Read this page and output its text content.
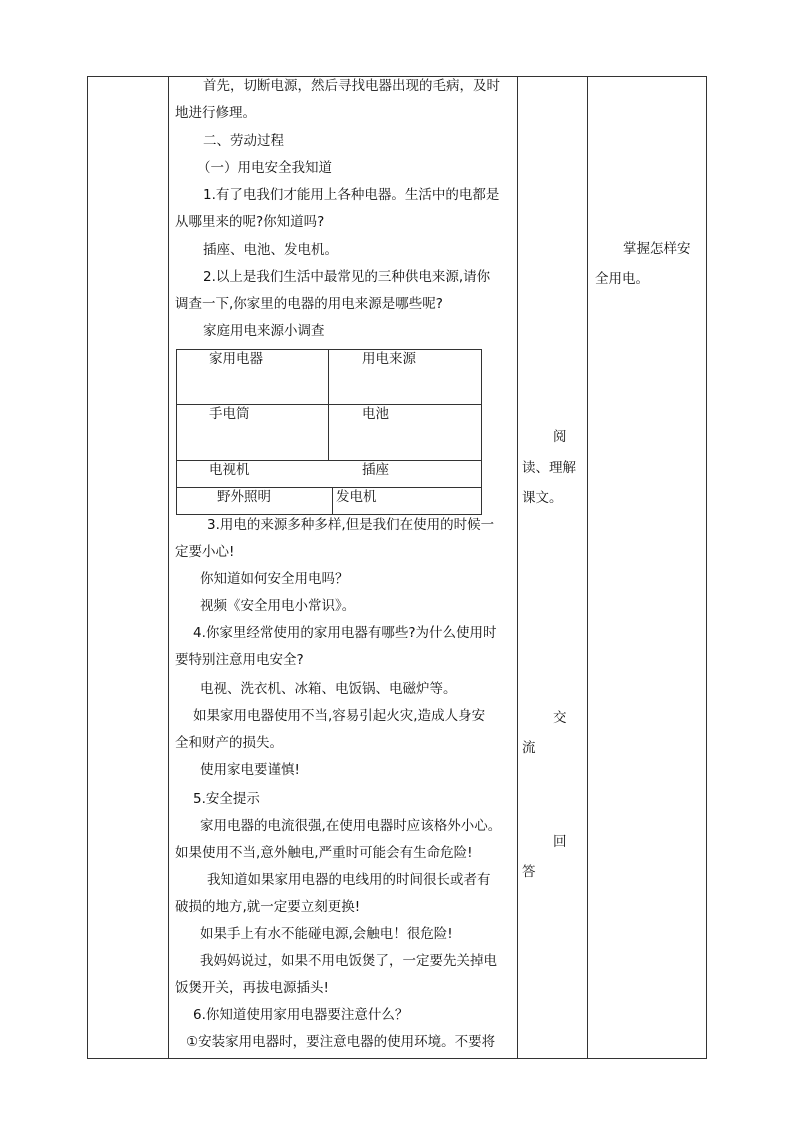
首先，切断电源，然后寻找电器出现的毛病，及时
地进行修理。
二、劳动过程
（一）用电安全我知道
1.有了电我们才能用上各种电器。生活中的电都是
从哪里来的呢?你知道吗?
插座、电池、发电机。
2.以上是我们生活中最常见的三种供电来源,请你
调查一下,你家里的电器的用电来源是哪些呢?
家庭用电来源小调查
家用电器	用电来源
手电筒	电池
电视机	插座
野外照明	发电机
3.用电的来源多种多样,但是我们在使用的时候一
定要小心!
你知道如何安全用电吗？
视频《安全用电小常识》。
4.你家里经常使用的家用电器有哪些?为什么使用时
要特别注意用电安全?
电视、洗衣机、冰箱、电饭锅、电磁炉等。
如果家用电器使用不当,容易引起火灾,造成人身安
全和财产的损失。
使用家电要谨慎!
5.安全提示
家用电器的电流很强,在使用电器时应该格外小心。
如果使用不当,意外触电,严重时可能会有生命危险!
我知道如果家用电器的电线用的时间很长或者有
破损的地方,就一定要立刻更换!
如果手上有水不能碰电源,会触电！很危险!
我妈妈说过，如果不用电饭煲了，一定要先关掉电
饭煲开关，再拔电源插头!
6.你知道使用家用电器要注意什么？
①安装家用电器时，要注意电器的使用环境。不要将
阅
读、理解
课文。
交
流
回
答
掌握怎样安
全用电。
